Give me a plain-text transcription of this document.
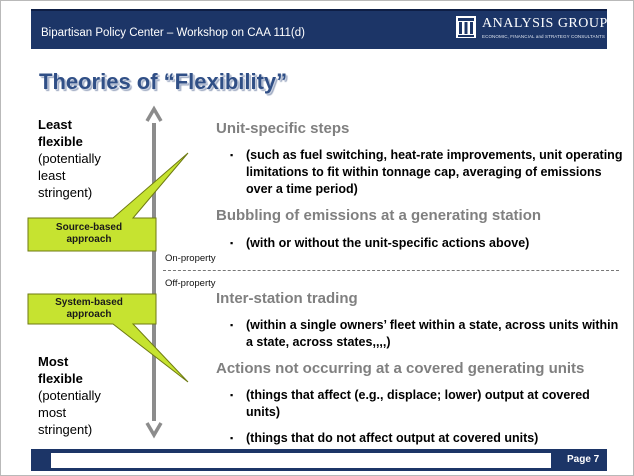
Bipartisan Policy Center – Workshop on CAA 111(d)
ANALYSIS GROUP
ECONOMIC, FINANCIAL and STRATEGY CONSULTANTS
Theories of “Flexibility”
Least
flexible
(potentially
least
stringent)
Most
flexible
(potentially
most
stringent)
Source-based
approach
System-based
approach
On-property
Off-property
Unit-specific steps
▪	(such as fuel switching, heat-rate improvements, unit operating limitations to fit within tonnage cap, averaging of emissions over a time period)
Bubbling of emissions at a generating station
▪	(with or without the unit-specific actions above)
Inter-station trading
▪	(within a single owners’ fleet within a state, across units within a state, across states,,,,)
Actions not occurring at a covered generating units
▪	(things that affect (e.g., displace; lower) output at covered units)
▪	(things that do not affect output at covered units)
Page 7
